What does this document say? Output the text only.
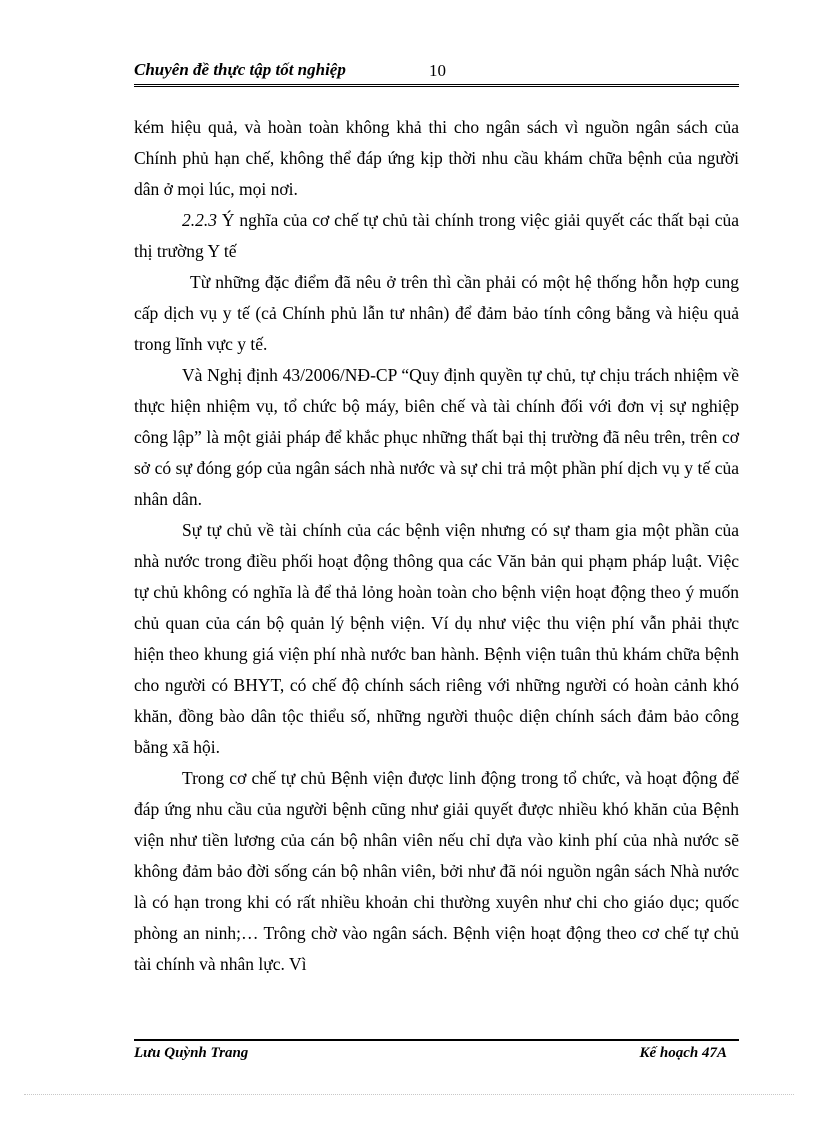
Chuyên đề thực tập tốt nghiệp	10

kém hiệu quả, và hoàn toàn không khả thi cho ngân sách vì nguồn ngân sách của Chính phủ hạn chế, không thể đáp ứng kịp thời nhu cầu khám chữa bệnh của người dân ở mọi lúc, mọi nơi.

2.2.3 Ý nghĩa của cơ chế tự chủ tài chính trong việc giải quyết các thất bại của thị trường Y tế

Từ những đặc điểm đã nêu ở trên thì cần phải có một hệ thống hỗn hợp cung cấp dịch vụ y tế (cả Chính phủ lẫn tư nhân) để đảm bảo tính công bằng và hiệu quả trong lĩnh vực y tế.

Và Nghị định 43/2006/NĐ-CP “Quy định quyền tự chủ, tự chịu trách nhiệm về thực hiện nhiệm vụ, tổ chức bộ máy, biên chế và tài chính đối với đơn vị sự nghiệp công lập” là một giải pháp để khắc phục những thất bại thị trường đã nêu trên, trên cơ sở có sự đóng góp của ngân sách nhà nước và sự chi trả một phần phí dịch vụ y tế của nhân dân.

Sự tự chủ về tài chính của các bệnh viện nhưng có sự tham gia một phần của nhà nước trong điều phối hoạt động thông qua các Văn bản qui phạm pháp luật. Việc tự chủ không có nghĩa là để thả lỏng hoàn toàn cho bệnh viện hoạt động theo ý muốn chủ quan của cán bộ quản lý bệnh viện. Ví dụ như việc thu viện phí vẫn phải thực hiện theo khung giá viện phí nhà nước ban hành. Bệnh viện tuân thủ khám chữa bệnh cho người có BHYT, có chế độ chính sách riêng với những người có hoàn cảnh khó khăn, đồng bào dân tộc thiểu số, những người thuộc diện chính sách đảm bảo công bằng xã hội.

Trong cơ chế tự chủ Bệnh viện được linh động trong tổ chức, và hoạt động để đáp ứng nhu cầu của người bệnh cũng như giải quyết được nhiều khó khăn của Bệnh viện như tiền lương của cán bộ nhân viên nếu chỉ dựa vào kinh phí của nhà nước sẽ không đảm bảo đời sống cán bộ nhân viên, bởi như đã nói nguồn ngân sách Nhà nước là có hạn trong khi có rất nhiều khoản chi thường xuyên như chi cho giáo dục; quốc phòng an ninh;… Trông chờ vào ngân sách. Bệnh viện hoạt động theo cơ chế tự chủ tài chính và nhân lực. Vì

Lưu Quỳnh Trang	Kế hoạch 47A
